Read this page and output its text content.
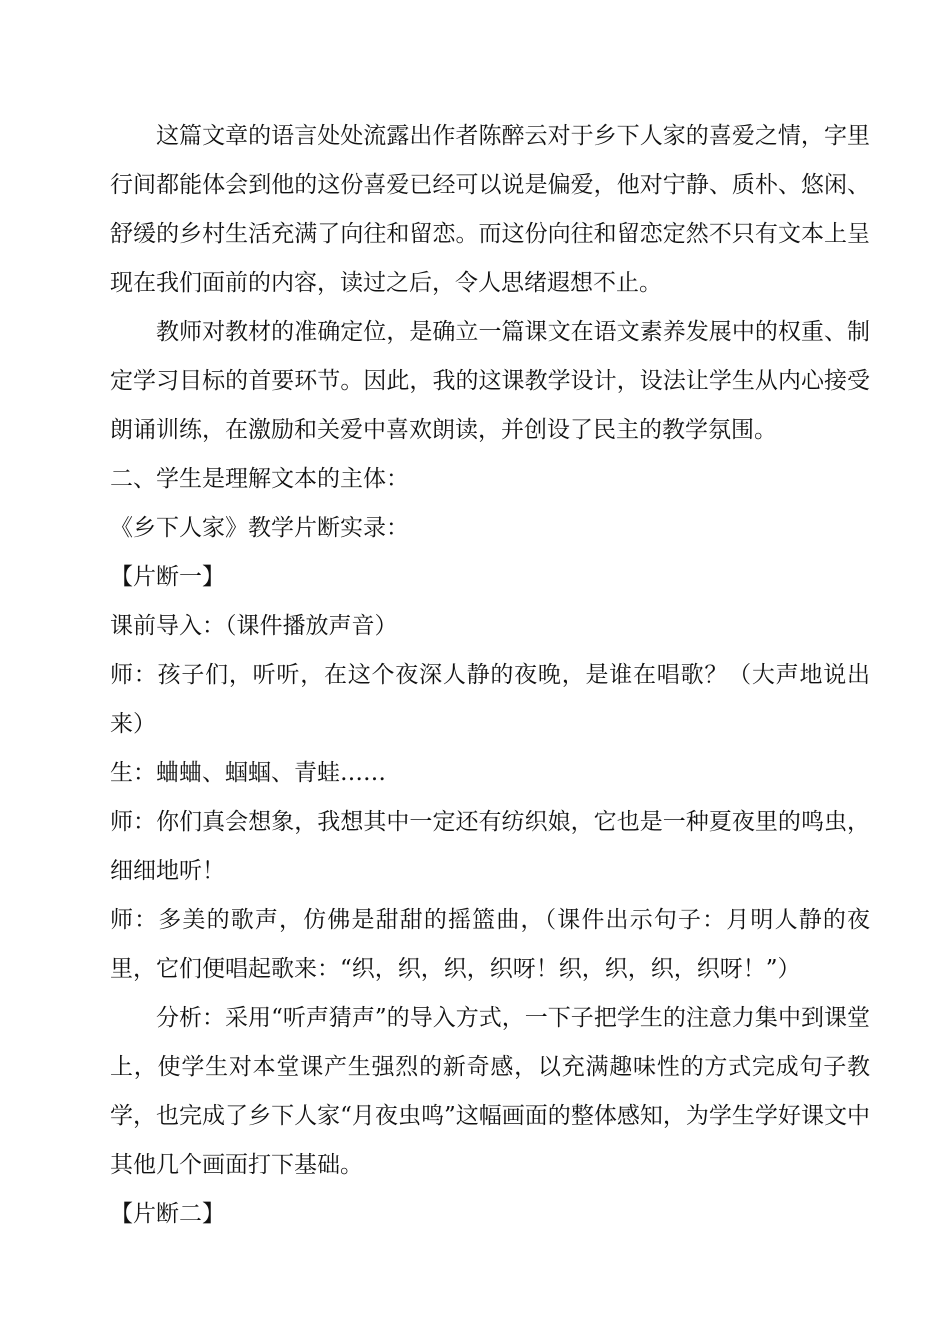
这篇文章的语言处处流露出作者陈醉云对于乡下人家的喜爱之情，字里行间都能体会到他的这份喜爱已经可以说是偏爱，他对宁静、质朴、悠闲、舒缓的乡村生活充满了向往和留恋。而这份向往和留恋定然不只有文本上呈现在我们面前的内容，读过之后，令人思绪遐想不止。

教师对教材的准确定位，是确立一篇课文在语文素养发展中的权重、制定学习目标的首要环节。因此，我的这课教学设计，设法让学生从内心接受朗诵训练，在激励和关爱中喜欢朗读，并创设了民主的教学氛围。

二、学生是理解文本的主体：

《乡下人家》教学片断实录：

【片断一】

课前导入：（课件播放声音）

师：孩子们，听听，在这个夜深人静的夜晚，是谁在唱歌？（大声地说出来）

生：蛐蛐、蝈蝈、青蛙……

师：你们真会想象，我想其中一定还有纺织娘，它也是一种夏夜里的鸣虫，细细地听！

师：多美的歌声，仿佛是甜甜的摇篮曲，（课件出示句子：月明人静的夜里，它们便唱起歌来：“织，织，织，织呀！织，织，织，织呀！”）

分析：采用“听声猜声”的导入方式，一下子把学生的注意力集中到课堂上，使学生对本堂课产生强烈的新奇感，以充满趣味性的方式完成句子教学，也完成了乡下人家“月夜虫鸣”这幅画面的整体感知，为学生学好课文中其他几个画面打下基础。

【片断二】
